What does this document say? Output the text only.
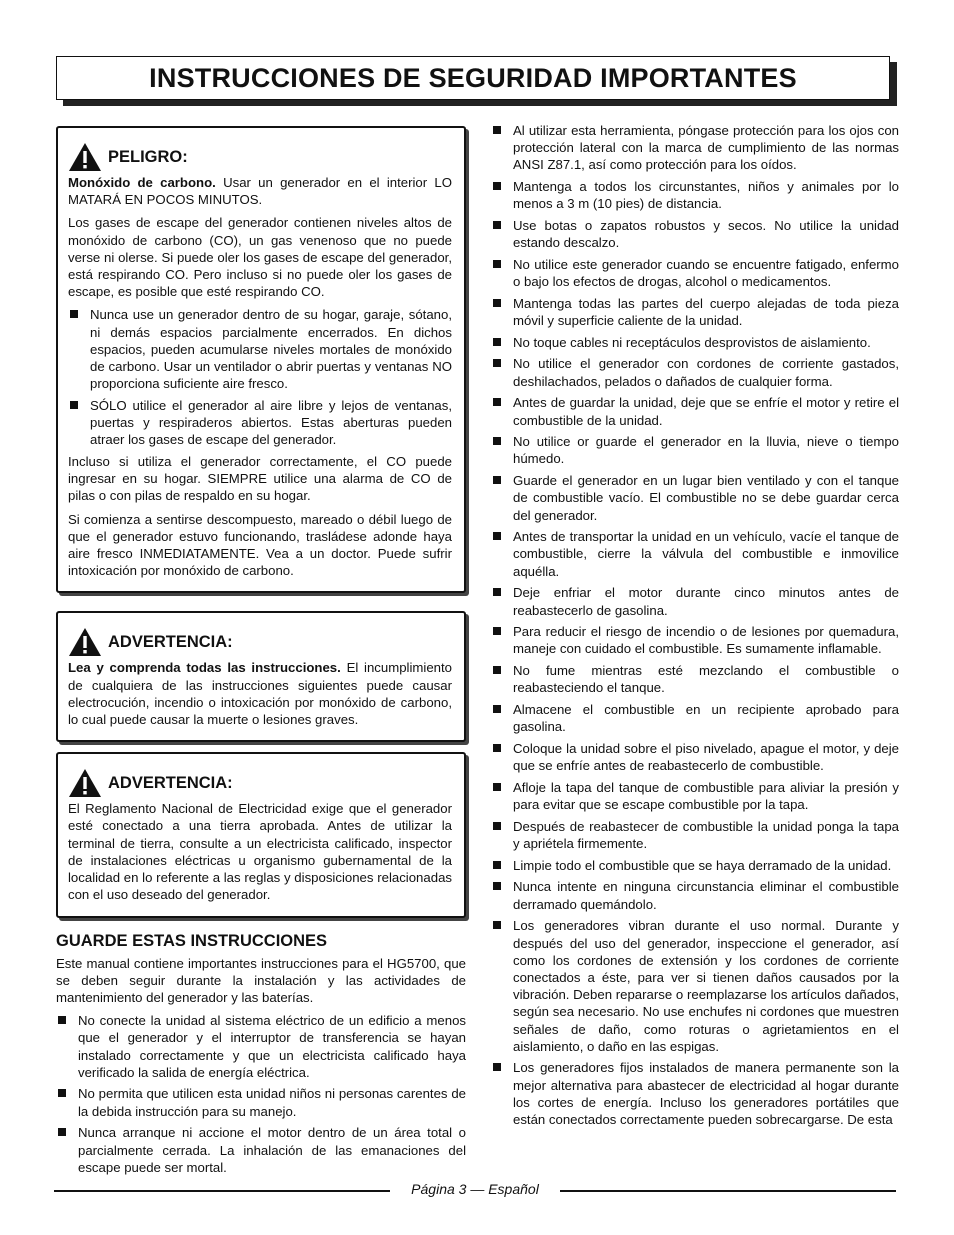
INSTRUCCIONES DE SEGURIDAD IMPORTANTES
PELIGRO:

Monóxido de carbono. Usar un generador en el interior LO MATARÁ EN POCOS MINUTOS.

Los gases de escape del generador contienen niveles altos de monóxido de carbono (CO), un gas venenoso que no puede verse ni olerse. Si puede oler los gases de escape del generador, está respirando CO. Pero incluso si no puede oler los gases de escape, es posible que esté respirando CO.

Nunca use un generador dentro de su hogar, garaje, sótano, ni demás espacios parcialmente encerrados. En dichos espacios, pueden acumularse niveles mortales de monóxido de carbono. Usar un ventilador o abrir puertas y ventanas NO proporciona suficiente aire fresco.
SÓLO utilice el generador al aire libre y lejos de ventanas, puertas y respiraderos abiertos. Estas aberturas pueden atraer los gases de escape del generador.

Incluso si utiliza el generador correctamente, el CO puede ingresar en su hogar. SIEMPRE utilice una alarma de CO de pilas o con pilas de respaldo en su hogar.

Si comienza a sentirse descompuesto, mareado o débil luego de que el generador estuvo funcionando, trasládese adonde haya aire fresco INMEDIATAMENTE. Vea a un doctor. Puede sufrir intoxicación por monóxido de carbono.

ADVERTENCIA:

Lea y comprenda todas las instrucciones. El incumplimiento de cualquiera de las instrucciones siguientes puede causar electrocución, incendio o intoxicación por monóxido de carbono, lo cual puede causar la muerte o lesiones graves.

ADVERTENCIA:

El Reglamento Nacional de Electricidad exige que el generador esté conectado a una tierra aprobada. Antes de utilizar la terminal de tierra, consulte a un electricista calificado, inspector de instalaciones eléctricas u organismo gubernamental de la localidad en lo referente a las reglas y disposiciones relacionadas con el uso deseado del generador.

GUARDE ESTAS INSTRUCCIONES

Este manual contiene importantes instrucciones para el HG5700, que se deben seguir durante la instalación y las actividades de mantenimiento del generador y las baterías.

No conecte la unidad al sistema eléctrico de un edificio a menos que el generador y el interruptor de transferencia se hayan instalado correctamente y que un electricista calificado haya verificado la salida de energía eléctrica.
No permita que utilicen esta unidad niños ni personas carentes de la debida instrucción para su manejo.
Nunca arranque ni accione el motor dentro de un área total o parcialmente cerrada. La inhalación de las emanaciones del escape puede ser mortal.
Al utilizar esta herramienta, póngase protección para los ojos con protección lateral con la marca de cumplimiento de las normas ANSI Z87.1, así como protección para los oídos.
Mantenga a todos los circunstantes, niños y animales por lo menos a 3 m (10 pies) de distancia.
Use botas o zapatos robustos y secos. No utilice la unidad estando descalzo.
No utilice este generador cuando se encuentre fatigado, enfermo o bajo los efectos de drogas, alcohol o medicamentos.
Mantenga todas las partes del cuerpo alejadas de toda pieza móvil y superficie caliente de la unidad.
No toque cables ni receptáculos desprovistos de aislamiento.
No utilice el generador con cordones de corriente gastados, deshilachados, pelados o dañados de cualquier forma.
Antes de guardar la unidad, deje que se enfríe el motor y retire el combustible de la unidad.
No utilice or guarde el generador en la lluvia, nieve o tiempo húmedo.
Guarde el generador en un lugar bien ventilado y con el tanque de combustible vacío. El combustible no se debe guardar cerca del generador.
Antes de transportar la unidad en un vehículo, vacíe el tanque de combustible, cierre la válvula del combustible e inmovilice aquélla.
Deje enfriar el motor durante cinco minutos antes de reabastecerlo de gasolina.
Para reducir el riesgo de incendio o de lesiones por quemadura, maneje con cuidado el combustible. Es sumamente inflamable.
No fume mientras esté mezclando el combustible o reabasteciendo el tanque.
Almacene el combustible en un recipiente aprobado para gasolina.
Coloque la unidad sobre el piso nivelado, apague el motor, y deje que se enfríe antes de reabastecerlo de combustible.
Afloje la tapa del tanque de combustible para aliviar la presión y para evitar que se escape combustible por la tapa.
Después de reabastecer de combustible la unidad ponga la tapa y apriétela firmemente.
Limpie todo el combustible que se haya derramado de la unidad.
Nunca intente en ninguna circunstancia eliminar el combustible derramado quemándolo.
Los generadores vibran durante el uso normal. Durante y después del uso del generador, inspeccione el generador, así como los cordones de extensión y los cordones de corriente conectados a éste, para ver si tienen daños causados por la vibración. Deben repararse o reemplazarse los artículos dañados, según sea necesario. No use enchufes ni cordones que muestren señales de daño, como roturas o agrietamientos en el aislamiento, o daño en las espigas.
Los generadores fijos instalados de manera permanente son la mejor alternativa para abastecer de electricidad al hogar durante los cortes de energía. Incluso los generadores portátiles que están conectados correctamente pueden sobrecargarse. De esta
Página 3 — Español
